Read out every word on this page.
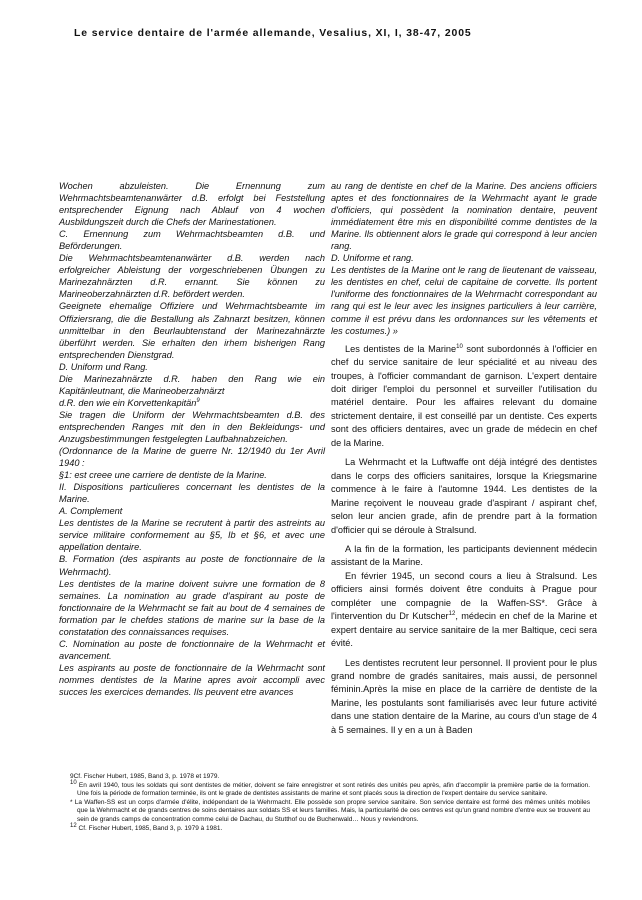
Le service dentaire de l'armée allemande, Vesalius, XI, I, 38-47, 2005

Wochen abzuleisten. Die Ernennung zum Wehrmachtsbeamtenanwärter d.B. erfolgt bei Feststellung entsprechender Eignung nach Ablauf von 4 wochen Ausbildungszeit durch die Chefs der Marinestationen.

C. Ernennung zum Wehrmachtsbeamten d.B. und Beförderungen.

Die Wehrmachtsbeamtenanwärter d.B. werden nach erfolgreicher Ableistung der vorgeschriebenen Übungen zu Marinezahnärzten d.R. ernannt. Sie können zu Marineoberzahnärzten d.R. befördert werden.

Geeignete ehemalige Offiziere und Wehrmachtsbeamte im Offiziersrang, die die Bestallung als Zahnarzt besitzen, können unmittelbar in den Beurlaubtenstand der Marinezahnärzte überführt werden. Sie erhalten den irhem bisherigen Rang entsprechenden Dienstgrad.

D. Uniform und Rang.

Die Marinezahnärzte d.R. haben den Rang wie ein Kapitänleutnant, die Marineoberzahnärzt

d.R. den wie ein Korvettenkapitän$^9$

Sie tragen die Uniform der Wehrmachtsbeamten d.B. des entsprechenden Ranges mit den in den Bekleidungs- und Anzugsbestimmungen festgelegten Laufbahnabzeichen.

(Ordonnance de la Marine de guerre Nr. 12/1940 du 1er Avril 1940 :

§1: est creee une carriere de dentiste de la Marine.

II. Dispositions particulieres concernant les dentistes de la Marine.

A. Complement

Les dentistes de la Marine se recrutent à partir des astreints au service militaire conformement au §5, Ib et §6, et avec une appellation dentaire.

B. Formation (des aspirants au poste de fonctionnaire de la Wehrmacht).

Les dentistes de la marine doivent suivre une formation de 8 semaines. La nomination au grade d'aspirant au poste de fonctionnaire de la Wehrmacht se fait au bout de 4 semaines de formation par le chefdes stations de marine sur la base de la constatation des connaissances requises.

C. Nomination au poste de fonctionnaire de la Wehrmacht et avancement.

Les aspirants au poste de fonctionnaire de la Wehrmacht sont nommes dentistes de la Marine apres avoir accompli avec succes les exercices demandes. Ils peuvent etre avances

au rang de dentiste en chef de la Marine. Des anciens officiers aptes et des fonctionnaires de la Wehrmacht ayant le grade d'officiers, qui possèdent la nomination dentaire, peuvent immédiatement être mis en disponibilité comme dentistes de la Marine. Ils obtiennent alors le grade qui correspond à leur ancien rang.

D. Uniforme et rang.

Les dentistes de la Marine ont le rang de lieutenant de vaisseau, les dentistes en chef, celui de capitaine de corvette. Ils portent l'uniforme des fonctionnaires de la Wehrmacht correspondant au rang qui est le leur avec les insignes particuliers à leur carrière, comme il est prévu dans les ordonnances sur les vêtements et les costumes.) »

Les dentistes de la Marine$^{10}$ sont subordonnés à l'officier en chef du service sanitaire de leur spécialité et au niveau des troupes, à l'officier commandant de garnison. L'expert dentaire doit diriger l'emploi du personnel et surveiller l'utilisation du matériel dentaire. Pour les affaires relevant du domaine strictement dentaire, il est conseillé par un dentiste. Ces experts sont des officiers dentaires, avec un grade de médecin en chef de la Marine.

La Wehrmacht et la Luftwaffe ont déjà intégré des dentistes dans le corps des officiers sanitaires, lorsque la Kriegsmarine commence à le faire à l'automne 1944. Les dentistes de la Marine reçoivent le nouveau grade d'aspirant / aspirant chef, selon leur ancien grade, afin de prendre part à la formation d'officier qui se déroule à Stralsund.

A la fin de la formation, les participants deviennent médecin assistant de la Marine.

En février 1945, un second cours a lieu à Stralsund. Les officiers ainsi formés doivent être conduits à Prague pour compléter une compagnie de la Waffen-SS*. Grâce à l'intervention du Dr Kutscher$^{12}$, médecin en chef de la Marine et expert dentaire au service sanitaire de la mer Baltique, ceci sera évité.

Les dentistes recrutent leur personnel. Il provient pour le plus grand nombre de gradés sanitaires, mais aussi, de personnel féminin.Après la mise en place de la carrière de dentiste de la Marine, les postulants sont familiarisés avec leur future activité dans une station dentaire de la Marine, au cours d'un stage de 4 à 5 semaines. Il y en a un à Baden

9Cf. Fischer Hubert, 1985, Band 3, p. 1978 et 1979.

$^{10}$ En avril 1940, tous les soldats qui sont dentistes de métier, doivent se faire enregistrer et sont retirés des unités peu après, afin d'accomplir la première partie de la formation. Une fois la période de formation terminée, ils ont le grade de dentistes assistants de marine et sont placés sous la direction de l'expert dentaire du service sanitaire.

* La Waffen-SS est un corps d'armée d'élite, indépendant de la Wehrmacht. Elle possède son propre service sanitaire. Son service dentaire est formé des mêmes unités mobiles que la Wehrmacht et de grands centres de soins dentaires aux soldats SS et leurs familles. Mais, la particularité de ces centres est qu'un grand nombre d'entre eux se trouvent au sein de grands camps de concentration comme celui de Dachau, du Stutthof ou de Buchenwald… Nous y reviendrons.

$^{12}$ Cf. Fischer Hubert, 1985, Band 3, p. 1979 à 1981.
